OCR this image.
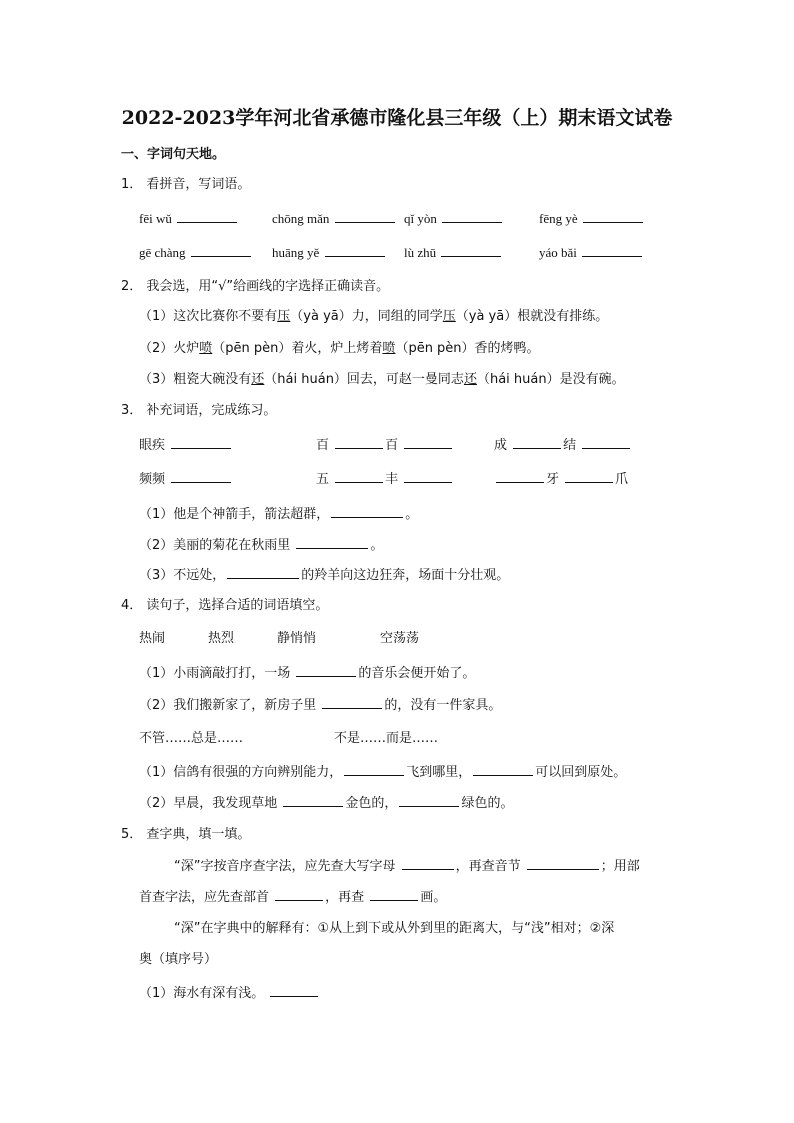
2022-2023学年河北省承德市隆化县三年级（上）期末语文试卷
一、字词句天地。
1． 看拼音，写词语。
fēi wǔ	chōng mǎn	qǐ yòn	fēng yè
gē chàng	huāng yě	lù zhū	yáo bǎi
2． 我会选，用“√”给画线的字选择正确读音。
（1）这次比赛你不要有压（yà yā）力，同组的同学压（yà yā）根就没有排练。
（2）火炉喷（pēn pèn）着火，炉上烤着喷（pēn pèn）香的烤鸭。
（3）粗瓷大碗没有还（hái huán）回去，可赵一曼同志还（hái huán）是没有碗。
3． 补充词语，完成练习。
眼疾	百	百	成	结
频频	五	丰	牙	爪
（1）他是个神箭手，箭法超群，	。
（2）美丽的菊花在秋雨里	。
（3）不远处，	的羚羊向这边狂奔，场面十分壮观。
4． 读句子，选择合适的词语填空。
热闹	热烈	静悄悄	空荡荡
（1）小雨滴敲打打，一场	的音乐会便开始了。
（2）我们搬新家了，新房子里	的，没有一件家具。
不管……总是……	不是……而是……
（1）信鸽有很强的方向辨别能力，	飞到哪里，	可以回到原处。
（2）早晨，我发现草地	金色的，	绿色的。
5． 查字典，填一填。
“深”字按音序查字法，应先查大写字母	，再查音节	；用部
首查字法，应先查部首	，再查	画。
“深”在字典中的解释有：①从上到下或从外到里的距离大，与“浅”相对；②深
奥（填序号）
（1）海水有深有浅。
